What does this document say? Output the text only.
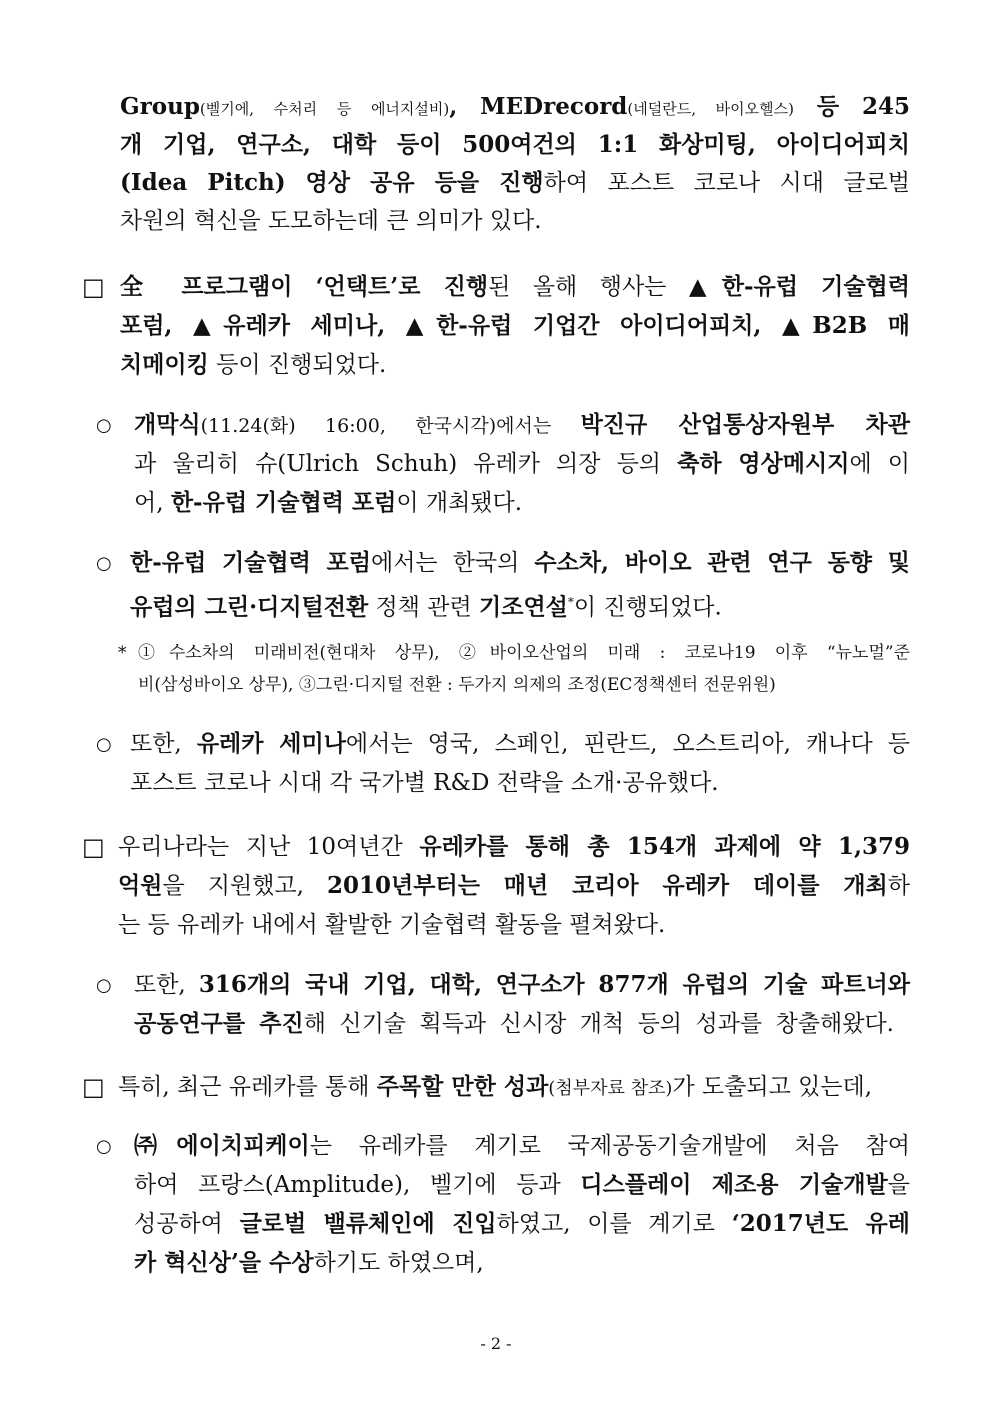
Group(벨기에, 수처리 등 에너지설비), MEDrecord(네덜란드, 바이오헬스) 등 245
개 기업, 연구소, 대학 등이 500여건의 1:1 화상미팅, 아이디어피치
(Idea Pitch) 영상 공유 등을 진행하여 포스트 코로나 시대 글로벌
차원의 혁신을 도모하는데 큰 의미가 있다.
□ 全 프로그램이 ‘언택트’로 진행된 올해 행사는 ▲한-유럽 기술협력
포럼, ▲유레카 세미나, ▲한-유럽 기업간 아이디어피치, ▲B2B 매
치메이킹 등이 진행되었다.
○ 개막식(11.24(화) 16:00, 한국시각)에서는 박진규 산업통상자원부 차관
과 울리히 슈(Ulrich Schuh) 유레카 의장 등의 축하 영상메시지에 이
어, 한-유럽 기술협력 포럼이 개최됐다.
○ 한-유럽 기술협력 포럼에서는 한국의 수소차, 바이오 관련 연구 동향 및
유럽의 그린·디지털전환 정책 관련 기조연설*이 진행되었다.
* ①수소차의 미래비전(현대차 상무), ②바이오산업의 미래 : 코로나19 이후 “뉴노멀”준
비(삼성바이오 상무), ③그린·디지털 전환 : 두가지 의제의 조정(EC정책센터 전문위원)
○ 또한, 유레카 세미나에서는 영국, 스페인, 핀란드, 오스트리아, 캐나다 등
포스트 코로나 시대 각 국가별 R&D 전략을 소개·공유했다.
□ 우리나라는 지난 10여년간 유레카를 통해 총 154개 과제에 약 1,379
억원을 지원했고, 2010년부터는 매년 코리아 유레카 데이를 개최하
는 등 유레카 내에서 활발한 기술협력 활동을 펼쳐왔다.
○ 또한, 316개의 국내 기업, 대학, 연구소가 877개 유럽의 기술 파트너와
공동연구를 추진해 신기술 획득과 신시장 개척 등의 성과를 창출해왔다.
□ 특히, 최근 유레카를 통해 주목할 만한 성과(첨부자료 참조)가 도출되고 있는데,
○ ㈜에이치피케이는 유레카를 계기로 국제공동기술개발에 처음 참여
하여 프랑스(Amplitude), 벨기에 등과 디스플레이 제조용 기술개발을
성공하여 글로벌 밸류체인에 진입하였고, 이를 계기로 ‘2017년도 유레
카 혁신상’을 수상하기도 하였으며,
- 2 -
